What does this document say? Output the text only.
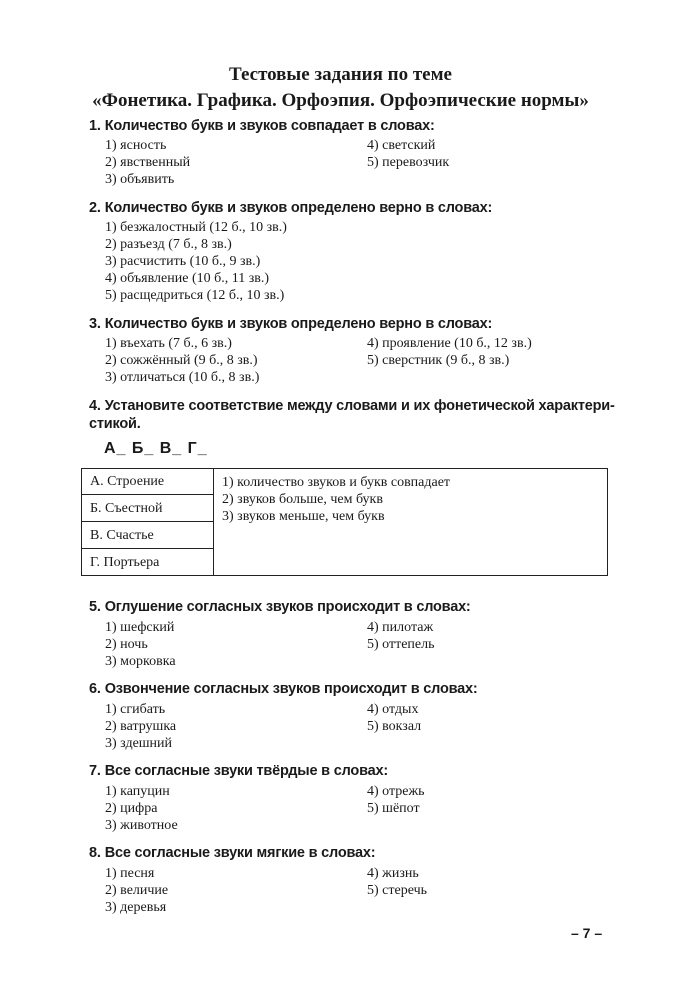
Тестовые задания по теме
«Фонетика. Графика. Орфоэпия. Орфоэпические нормы»
1. Количество букв и звуков совпадает в словах:
1) ясность
2) явственный
3) объявить
4) светский
5) перевозчик
2. Количество букв и звуков определено верно в словах:
1) безжалостный (12 б., 10 зв.)
2) разъезд (7 б., 8 зв.)
3) расчистить (10 б., 9 зв.)
4) объявление (10 б., 11 зв.)
5) расщедриться (12 б., 10 зв.)
3. Количество букв и звуков определено верно в словах:
1) въехать (7 б., 6 зв.)
2) сожжённый (9 б., 8 зв.)
3) отличаться (10 б., 8 зв.)
4) проявление (10 б., 12 зв.)
5) сверстник (9 б., 8 зв.)
4. Установите соответствие между словами и их фонетической характери-
стикой.
А_ Б_ В_ Г_
А. Строение
Б. Съестной
В. Счастье
Г. Портьера
1) количество звуков и букв совпадает
2) звуков больше, чем букв
3) звуков меньше, чем букв
5. Оглушение согласных звуков происходит в словах:
1) шефский
2) ночь
3) морковка
4) пилотаж
5) оттепель
6. Озвончение согласных звуков происходит в словах:
1) сгибать
2) ватрушка
3) здешний
4) отдых
5) вокзал
7. Все согласные звуки твёрдые в словах:
1) капуцин
2) цифра
3) животное
4) отрежь
5) шёпот
8. Все согласные звуки мягкие в словах:
1) песня
2) величие
3) деревья
4) жизнь
5) стеречь
– 7 –
